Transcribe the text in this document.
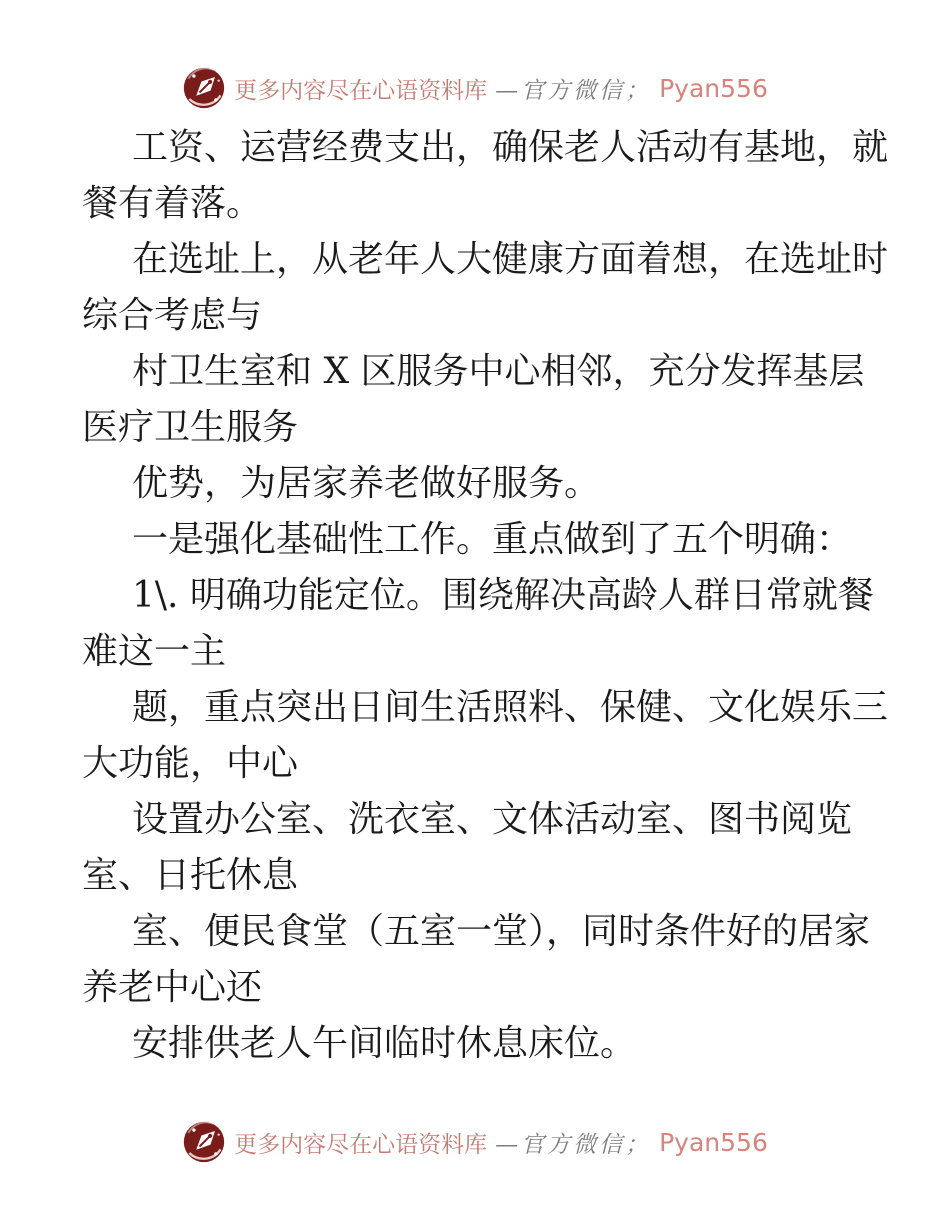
更多内容尽在心语资料库 —官方微信； Pyan556
工资、运营经费支出，确保老人活动有基地，就
餐有着落。
在选址上，从老年人大健康方面着想，在选址时
综合考虑与
村卫生室和 X 区服务中心相邻，充分发挥基层
医疗卫生服务
优势，为居家养老做好服务。
一是强化基础性工作。重点做到了五个明确：
1\. 明确功能定位。围绕解决高龄人群日常就餐
难这一主
题，重点突出日间生活照料、保健、文化娱乐三
大功能，中心
设置办公室、洗衣室、文体活动室、图书阅览
室、日托休息
室、便民食堂（五室一堂），同时条件好的居家
养老中心还
安排供老人午间临时休息床位。
更多内容尽在心语资料库 —官方微信； Pyan556
